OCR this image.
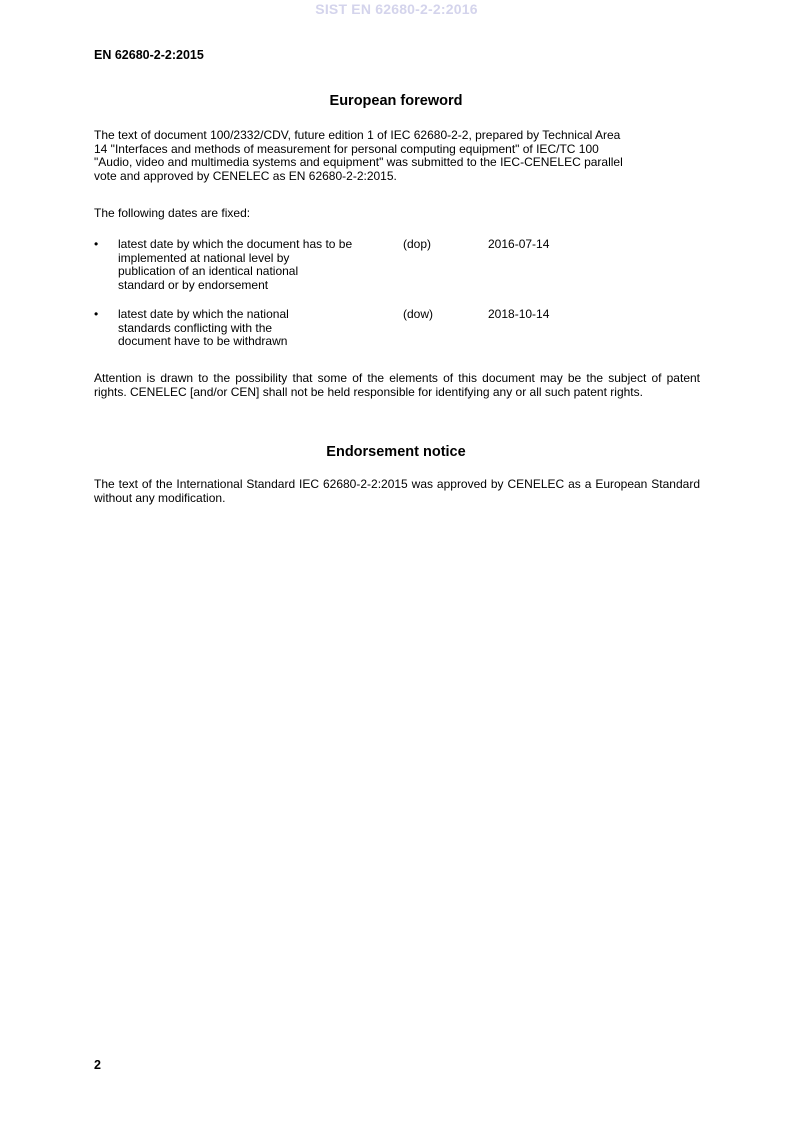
SIST EN 62680-2-2:2016
EN 62680-2-2:2015
European foreword
The text of document 100/2332/CDV, future edition 1 of IEC 62680-2-2, prepared by Technical Area
14 "Interfaces and methods of measurement for personal computing equipment" of IEC/TC 100
"Audio, video and multimedia systems and equipment" was submitted to the IEC-CENELEC parallel
vote and approved by CENELEC as EN 62680-2-2:2015.
The following dates are fixed:
•	latest date by which the document has to be
implemented at national level by
publication of an identical national
standard or by endorsement
(dop)	2016-07-14
•	latest date by which the national
standards conflicting with the
document have to be withdrawn
(dow)	2018-10-14

Attention is drawn to the possibility that some of the elements of this document may be the subject of patent rights. CENELEC [and/or CEN] shall not be held responsible for identifying any or all such patent rights.

Endorsement notice

The text of the International Standard IEC 62680-2-2:2015 was approved by CENELEC as a European Standard without any modification.

2
